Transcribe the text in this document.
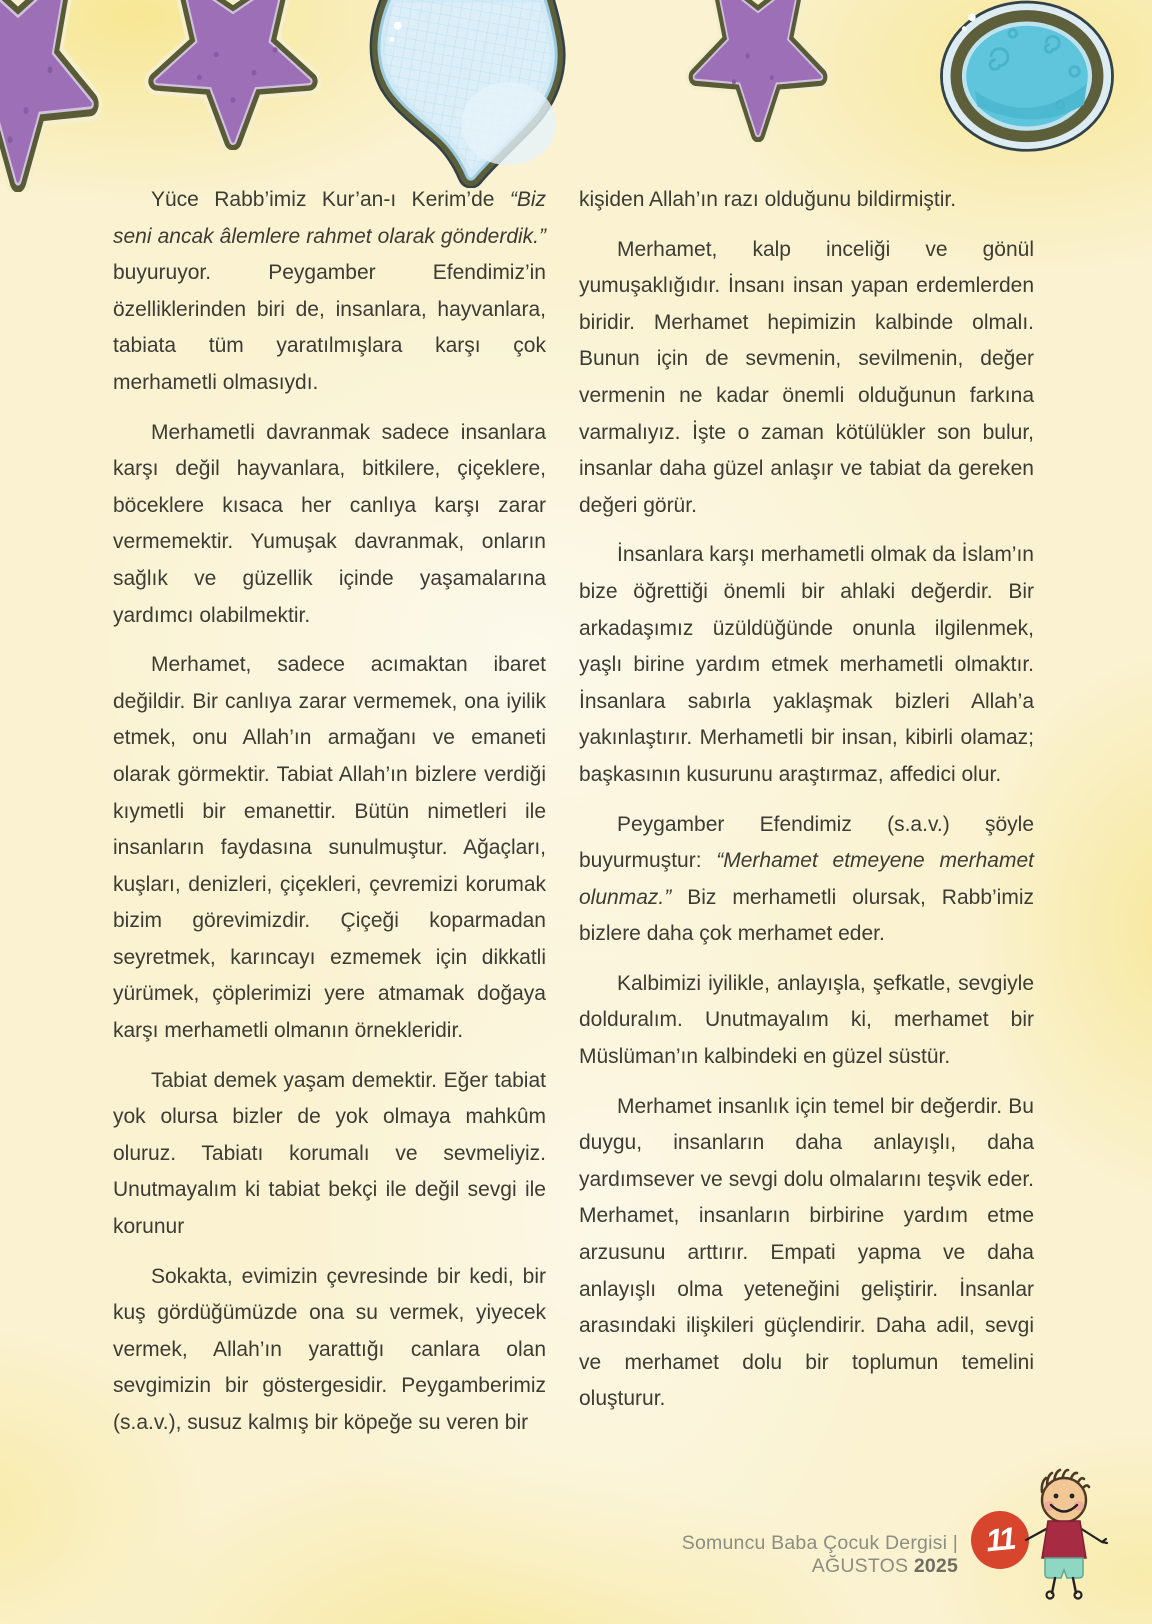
Yüce Rabb’imiz Kur’an-ı Kerim’de “Biz seni ancak âlemlere rahmet olarak gönderdik.” buyuruyor. Peygamber Efendimiz’in özelliklerinden biri de, insanlara, hayvanlara, tabiata tüm yaratılmışlara karşı çok merhametli olmasıydı.

Merhametli davranmak sadece insanlara karşı değil hayvanlara, bitkilere, çiçeklere, böceklere kısaca her canlıya karşı zarar vermemektir. Yumuşak davranmak, onların sağlık ve güzellik içinde yaşamalarına yardımcı olabilmektir.

Merhamet, sadece acımaktan ibaret değildir. Bir canlıya zarar vermemek, ona iyilik etmek, onu Allah’ın armağanı ve emaneti olarak görmektir. Tabiat Allah’ın bizlere verdiği kıymetli bir emanettir. Bütün nimetleri ile insanların faydasına sunulmuştur. Ağaçları, kuşları, denizleri, çiçekleri, çevremizi korumak bizim görevimizdir. Çiçeği koparmadan seyretmek, karıncayı ezmemek için dikkatli yürümek, çöplerimizi yere atmamak doğaya karşı merhametli olmanın örnekleridir.

Tabiat demek yaşam demektir. Eğer tabiat yok olursa bizler de yok olmaya mahkûm oluruz. Tabiatı korumalı ve sevmeliyiz. Unutmayalım ki tabiat bekçi ile değil sevgi ile korunur

Sokakta, evimizin çevresinde bir kedi, bir kuş gördüğümüzde ona su vermek, yiyecek vermek, Allah’ın yarattığı canlara olan sevgimizin bir göstergesidir. Peygamberimiz (s.a.v.), susuz kalmış bir köpeğe su veren bir

kişiden Allah’ın razı olduğunu bildirmiştir.

Merhamet, kalp inceliği ve gönül yumuşaklığıdır. İnsanı insan yapan erdemlerden biridir. Merhamet hepimizin kalbinde olmalı. Bunun için de sevmenin, sevilmenin, değer vermenin ne kadar önemli olduğunun farkına varmalıyız. İşte o zaman kötülükler son bulur, insanlar daha güzel anlaşır ve tabiat da gereken değeri görür.

İnsanlara karşı merhametli olmak da İslam’ın bize öğrettiği önemli bir ahlaki değerdir. Bir arkadaşımız üzüldüğünde onunla ilgilenmek, yaşlı birine yardım etmek merhametli olmaktır. İnsanlara sabırla yaklaşmak bizleri Allah’a yakınlaştırır. Merhametli bir insan, kibirli olamaz; başkasının kusurunu araştırmaz, affedici olur.

Peygamber Efendimiz (s.a.v.) şöyle buyurmuştur: “Merhamet etmeyene merhamet olunmaz.” Biz merhametli olursak, Rabb’imiz bizlere daha çok merhamet eder.

Kalbimizi iyilikle, anlayışla, şefkatle, sevgiyle dolduralım. Unutmayalım ki, merhamet bir Müslüman’ın kalbindeki en güzel süstür.

Merhamet insanlık için temel bir değerdir. Bu duygu, insanların daha anlayışlı, daha yardımsever ve sevgi dolu olmalarını teşvik eder. Merhamet, insanların birbirine yardım etme arzusunu arttırır. Empati yapma ve daha anlayışlı olma yeteneğini geliştirir. İnsanlar arasındaki ilişkileri güçlendirir. Daha adil, sevgi ve merhamet dolu bir toplumun temelini oluşturur.

Somuncu Baba Çocuk Dergisi | AĞUSTOS 2025
11
